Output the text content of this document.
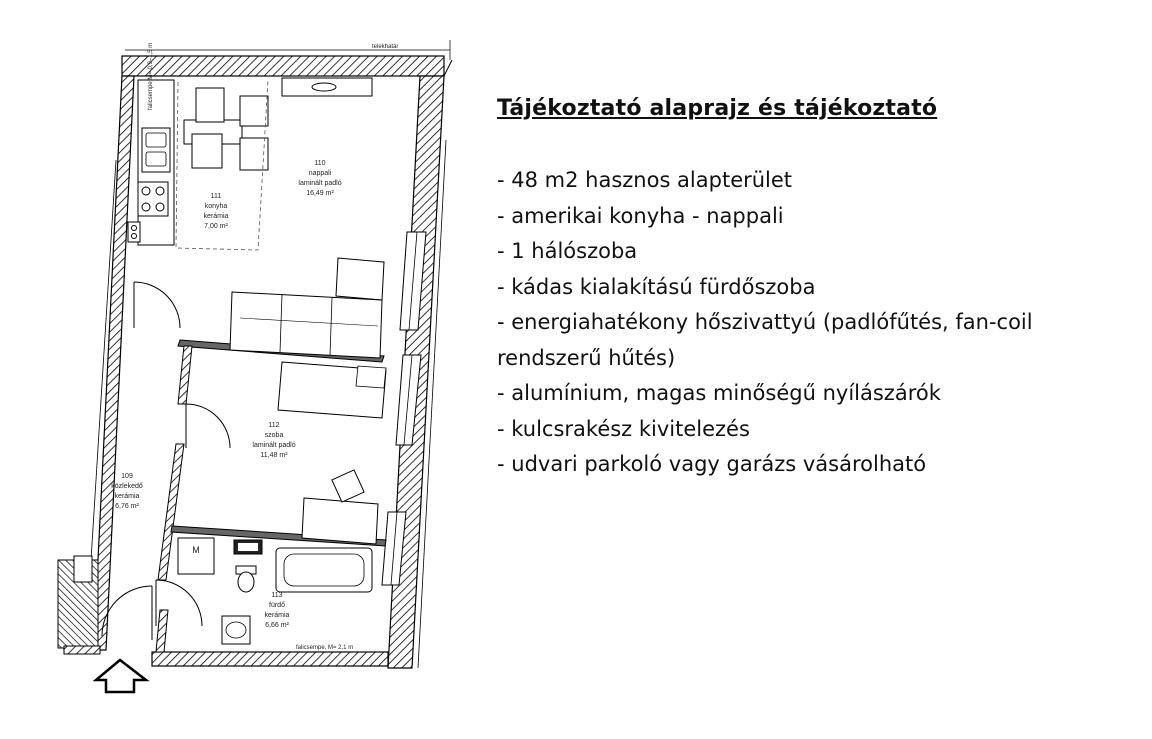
telekhatár
M
falicsempe M= 0,9–1,5 m
falicsempe, M= 2,1 m
110
nappali
laminált padló
16,49 m²
111
konyha
kerámia
7,00 m²
112
szoba
laminált padló
11,48 m²
109
közlekedő
kerámia
6,76 m²
113
fürdő
kerámia
6,66 m²
Tájékoztató alaprajz és tájékoztató
- 48 m2 hasznos alapterület
- amerikai konyha - nappali
- 1 hálószoba
- kádas kialakítású fürdőszoba
- energiahatékony hőszivattyú (padlófűtés, fan-coil rendszerű hűtés)
- alumínium, magas minőségű nyílászárók
- kulcsrakész kivitelezés
- udvari parkoló vagy garázs vásárolható
